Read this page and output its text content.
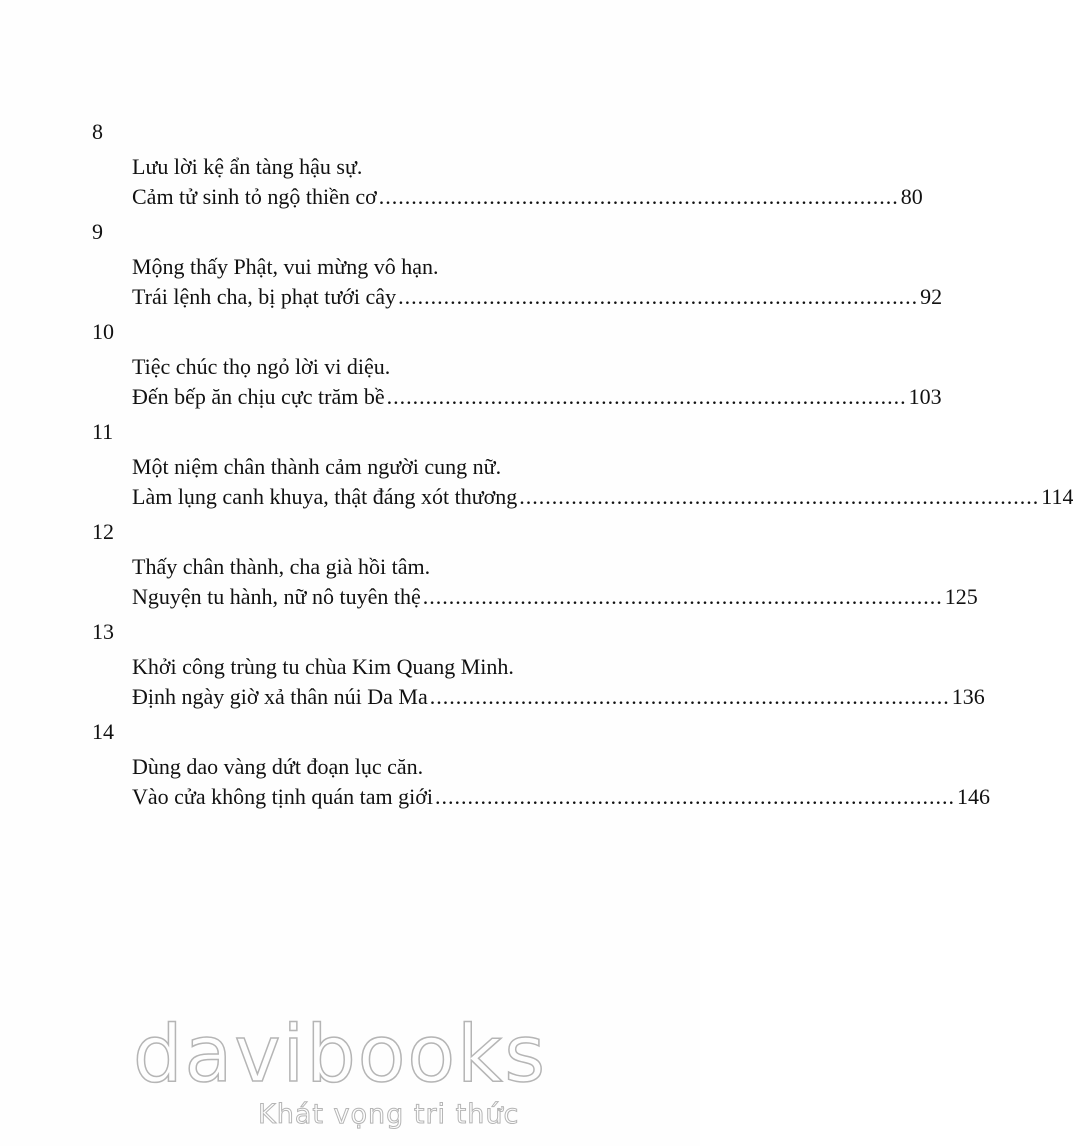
8
Lưu lời kệ ẩn tàng hậu sự.
Cảm tử sinh tỏ ngộ thiền cơ ................................................................................ 80
9
Mộng thấy Phật, vui mừng vô hạn.
Trái lệnh cha, bị phạt tưới cây ................................................................................ 92
10
Tiệc chúc thọ ngỏ lời vi diệu.
Đến bếp ăn chịu cực trăm bề ................................................................................ 103
11
Một niệm chân thành cảm người cung nữ.
Làm lụng canh khuya, thật đáng xót thương ................................................................................ 114
12
Thấy chân thành, cha già hồi tâm.
Nguyện tu hành, nữ nô tuyên thệ ................................................................................ 125
13
Khởi công trùng tu chùa Kim Quang Minh.
Định ngày giờ xả thân núi Da Ma ................................................................................ 136
14
Dùng dao vàng dứt đoạn lục căn.
Vào cửa không tịnh quán tam giới ................................................................................ 146
davibooks
Khát vọng tri thức
